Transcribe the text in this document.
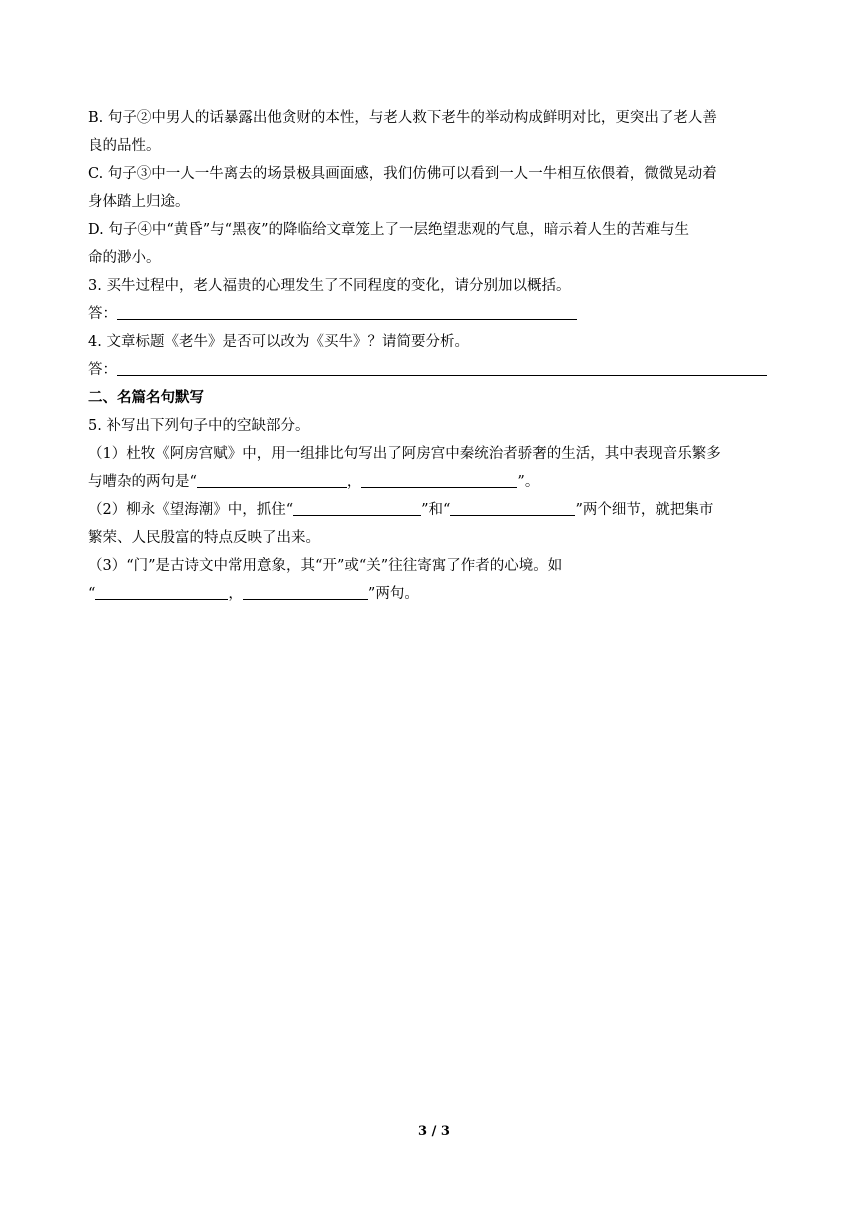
B. 句子②中男人的话暴露出他贪财的本性，与老人救下老牛的举动构成鲜明对比，更突出了老人善
良的品性。
C. 句子③中一人一牛离去的场景极具画面感，我们仿佛可以看到一人一牛相互依偎着，微微晃动着
身体踏上归途。
D. 句子④中“黄昏”与“黑夜”的降临给文章笼上了一层绝望悲观的气息，暗示着人生的苦难与生
命的渺小。
3. 买牛过程中，老人福贵的心理发生了不同程度的变化，请分别加以概括。
答：
4. 文章标题《老牛》是否可以改为《买牛》？请简要分析。
答：
二、名篇名句默写
5. 补写出下列句子中的空缺部分。
（1）杜牧《阿房宫赋》中，用一组排比句写出了阿房宫中秦统治者骄奢的生活，其中表现音乐繁多
与嘈杂的两句是“	，	”。
（2）柳永《望海潮》中，抓住“	”和“	”两个细节，就把集市
繁荣、人民殷富的特点反映了出来。
（3）“门”是古诗文中常用意象，其“开”或“关”往往寄寓了作者的心境。如
“	，	”两句。
3 / 3
